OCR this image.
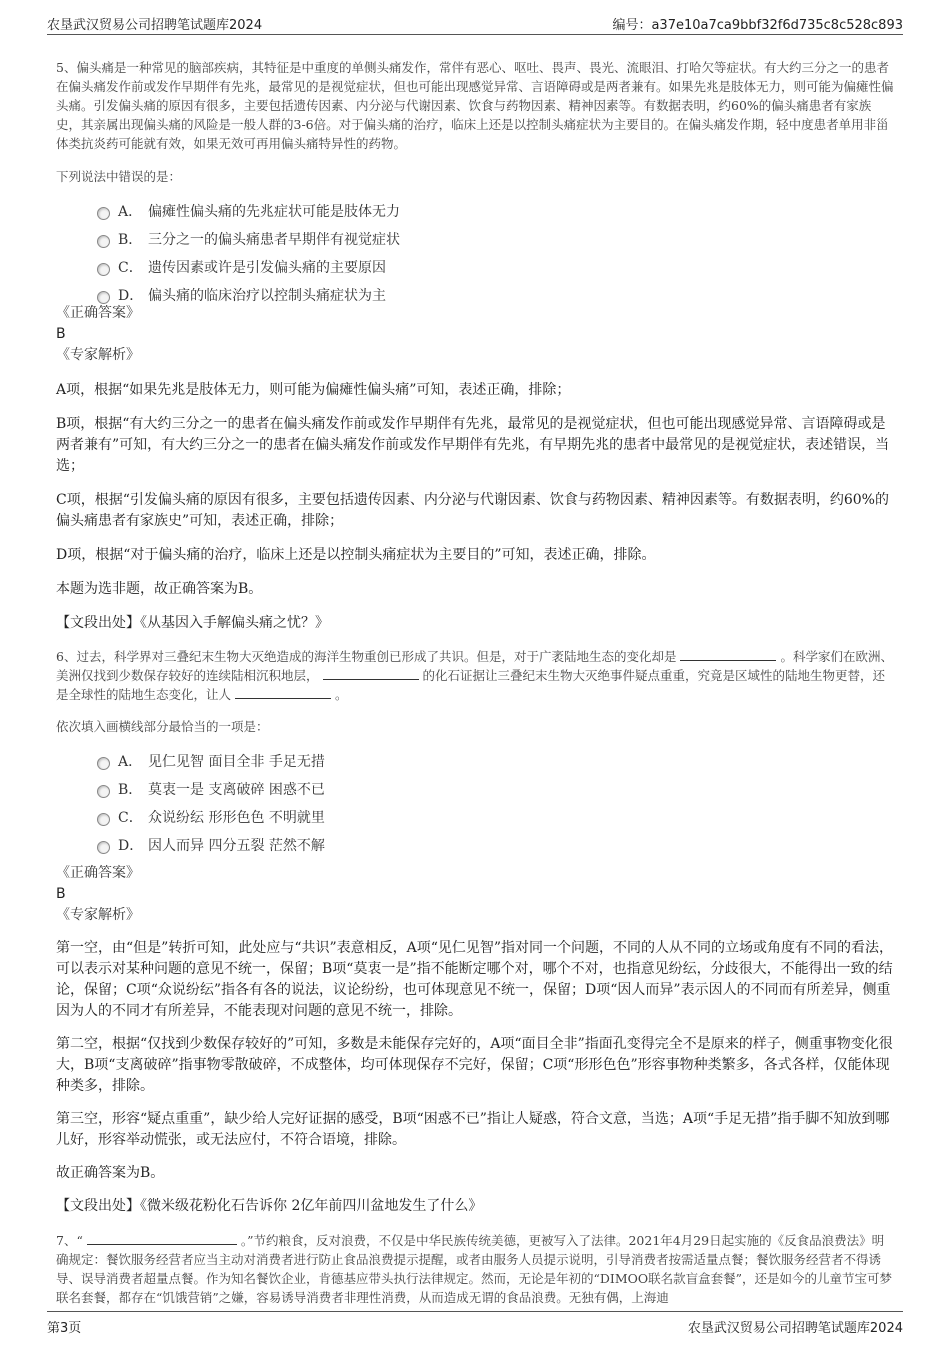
农垦武汉贸易公司招聘笔试题库2024	编号：a37e10a7ca9bbf32f6d735c8c528c893

5、偏头痛是一种常见的脑部疾病，其特征是中重度的单侧头痛发作，常伴有恶心、呕吐、畏声、畏光、流眼泪、打哈欠等症状。有大约三分之一的患者在偏头痛发作前或发作早期伴有先兆，最常见的是视觉症状，但也可能出现感觉异常、言语障碍或是两者兼有。如果先兆是肢体无力，则可能为偏瘫性偏头痛。引发偏头痛的原因有很多，主要包括遗传因素、内分泌与代谢因素、饮食与药物因素、精神因素等。有数据表明，约60%的偏头痛患者有家族史，其亲属出现偏头痛的风险是一般人群的3-6倍。对于偏头痛的治疗，临床上还是以控制头痛症状为主要目的。在偏头痛发作期，轻中度患者单用非甾体类抗炎药可能就有效，如果无效可再用偏头痛特异性的药物。

下列说法中错误的是：

A． 偏瘫性偏头痛的先兆症状可能是肢体无力
B． 三分之一的偏头痛患者早期伴有视觉症状
C． 遗传因素或许是引发偏头痛的主要原因
D． 偏头痛的临床治疗以控制头痛症状为主

《正确答案》

B

《专家解析》

A项，根据“如果先兆是肢体无力，则可能为偏瘫性偏头痛”可知，表述正确，排除；

B项，根据“有大约三分之一的患者在偏头痛发作前或发作早期伴有先兆，最常见的是视觉症状，但也可能出现感觉异常、言语障碍或是两者兼有”可知，有大约三分之一的患者在偏头痛发作前或发作早期伴有先兆，有早期先兆的患者中最常见的是视觉症状，表述错误，当选；

C项，根据“引发偏头痛的原因有很多，主要包括遗传因素、内分泌与代谢因素、饮食与药物因素、精神因素等。有数据表明，约60%的偏头痛患者有家族史”可知，表述正确，排除；

D项，根据“对于偏头痛的治疗，临床上还是以控制头痛症状为主要目的”可知，表述正确，排除。

本题为选非题，故正确答案为B。

【文段出处】《从基因入手解偏头痛之忧？》

6、过去，科学界对三叠纪末生物大灭绝造成的海洋生物重创已形成了共识。但是，对于广袤陆地生态的变化却是	。科学家们在欧洲、美洲仅找到少数保存较好的连续陆相沉积地层，	的化石证据让三叠纪末生物大灭绝事件疑点重重，究竟是区域性的陆地生物更替，还是全球性的陆地生态变化，让人	。

依次填入画横线部分最恰当的一项是：

A． 见仁见智 面目全非 手足无措
B． 莫衷一是 支离破碎 困惑不已
C． 众说纷纭 形形色色 不明就里
D． 因人而异 四分五裂 茫然不解

《正确答案》

B

《专家解析》

第一空，由“但是”转折可知，此处应与“共识”表意相反，A项“见仁见智”指对同一个问题，不同的人从不同的立场或角度有不同的看法，可以表示对某种问题的意见不统一，保留；B项“莫衷一是”指不能断定哪个对，哪个不对，也指意见纷纭，分歧很大，不能得出一致的结论，保留；C项“众说纷纭”指各有各的说法，议论纷纷，也可体现意见不统一，保留；D项“因人而异”表示因人的不同而有所差异，侧重因为人的不同才有所差异，不能表现对问题的意见不统一，排除。

第二空，根据“仅找到少数保存较好的”可知，多数是未能保存完好的，A项“面目全非”指面孔变得完全不是原来的样子，侧重事物变化很大，B项“支离破碎”指事物零散破碎，不成整体，均可体现保存不完好，保留；C项“形形色色”形容事物种类繁多，各式各样，仅能体现种类多，排除。

第三空，形容“疑点重重”，缺少给人完好证据的感受，B项“困惑不已”指让人疑惑，符合文意，当选；A项“手足无措”指手脚不知放到哪儿好，形容举动慌张，或无法应付，不符合语境，排除。

故正确答案为B。

【文段出处】《微米级花粉化石告诉你 2亿年前四川盆地发生了什么》

7、“	。”节约粮食，反对浪费，不仅是中华民族传统美德，更被写入了法律。2021年4月29日起实施的《反食品浪费法》明确规定：餐饮服务经营者应当主动对消费者进行防止食品浪费提示提醒，或者由服务人员提示说明，引导消费者按需适量点餐；餐饮服务经营者不得诱导、误导消费者超量点餐。作为知名餐饮企业，肯德基应带头执行法律规定。然而，无论是年初的“DIMOO联名款盲盒套餐”，还是如今的儿童节宝可梦联名套餐，都存在“饥饿营销”之嫌，容易诱导消费者非理性消费，从而造成无谓的食品浪费。无独有偶，上海迪

第3页	农垦武汉贸易公司招聘笔试题库2024
